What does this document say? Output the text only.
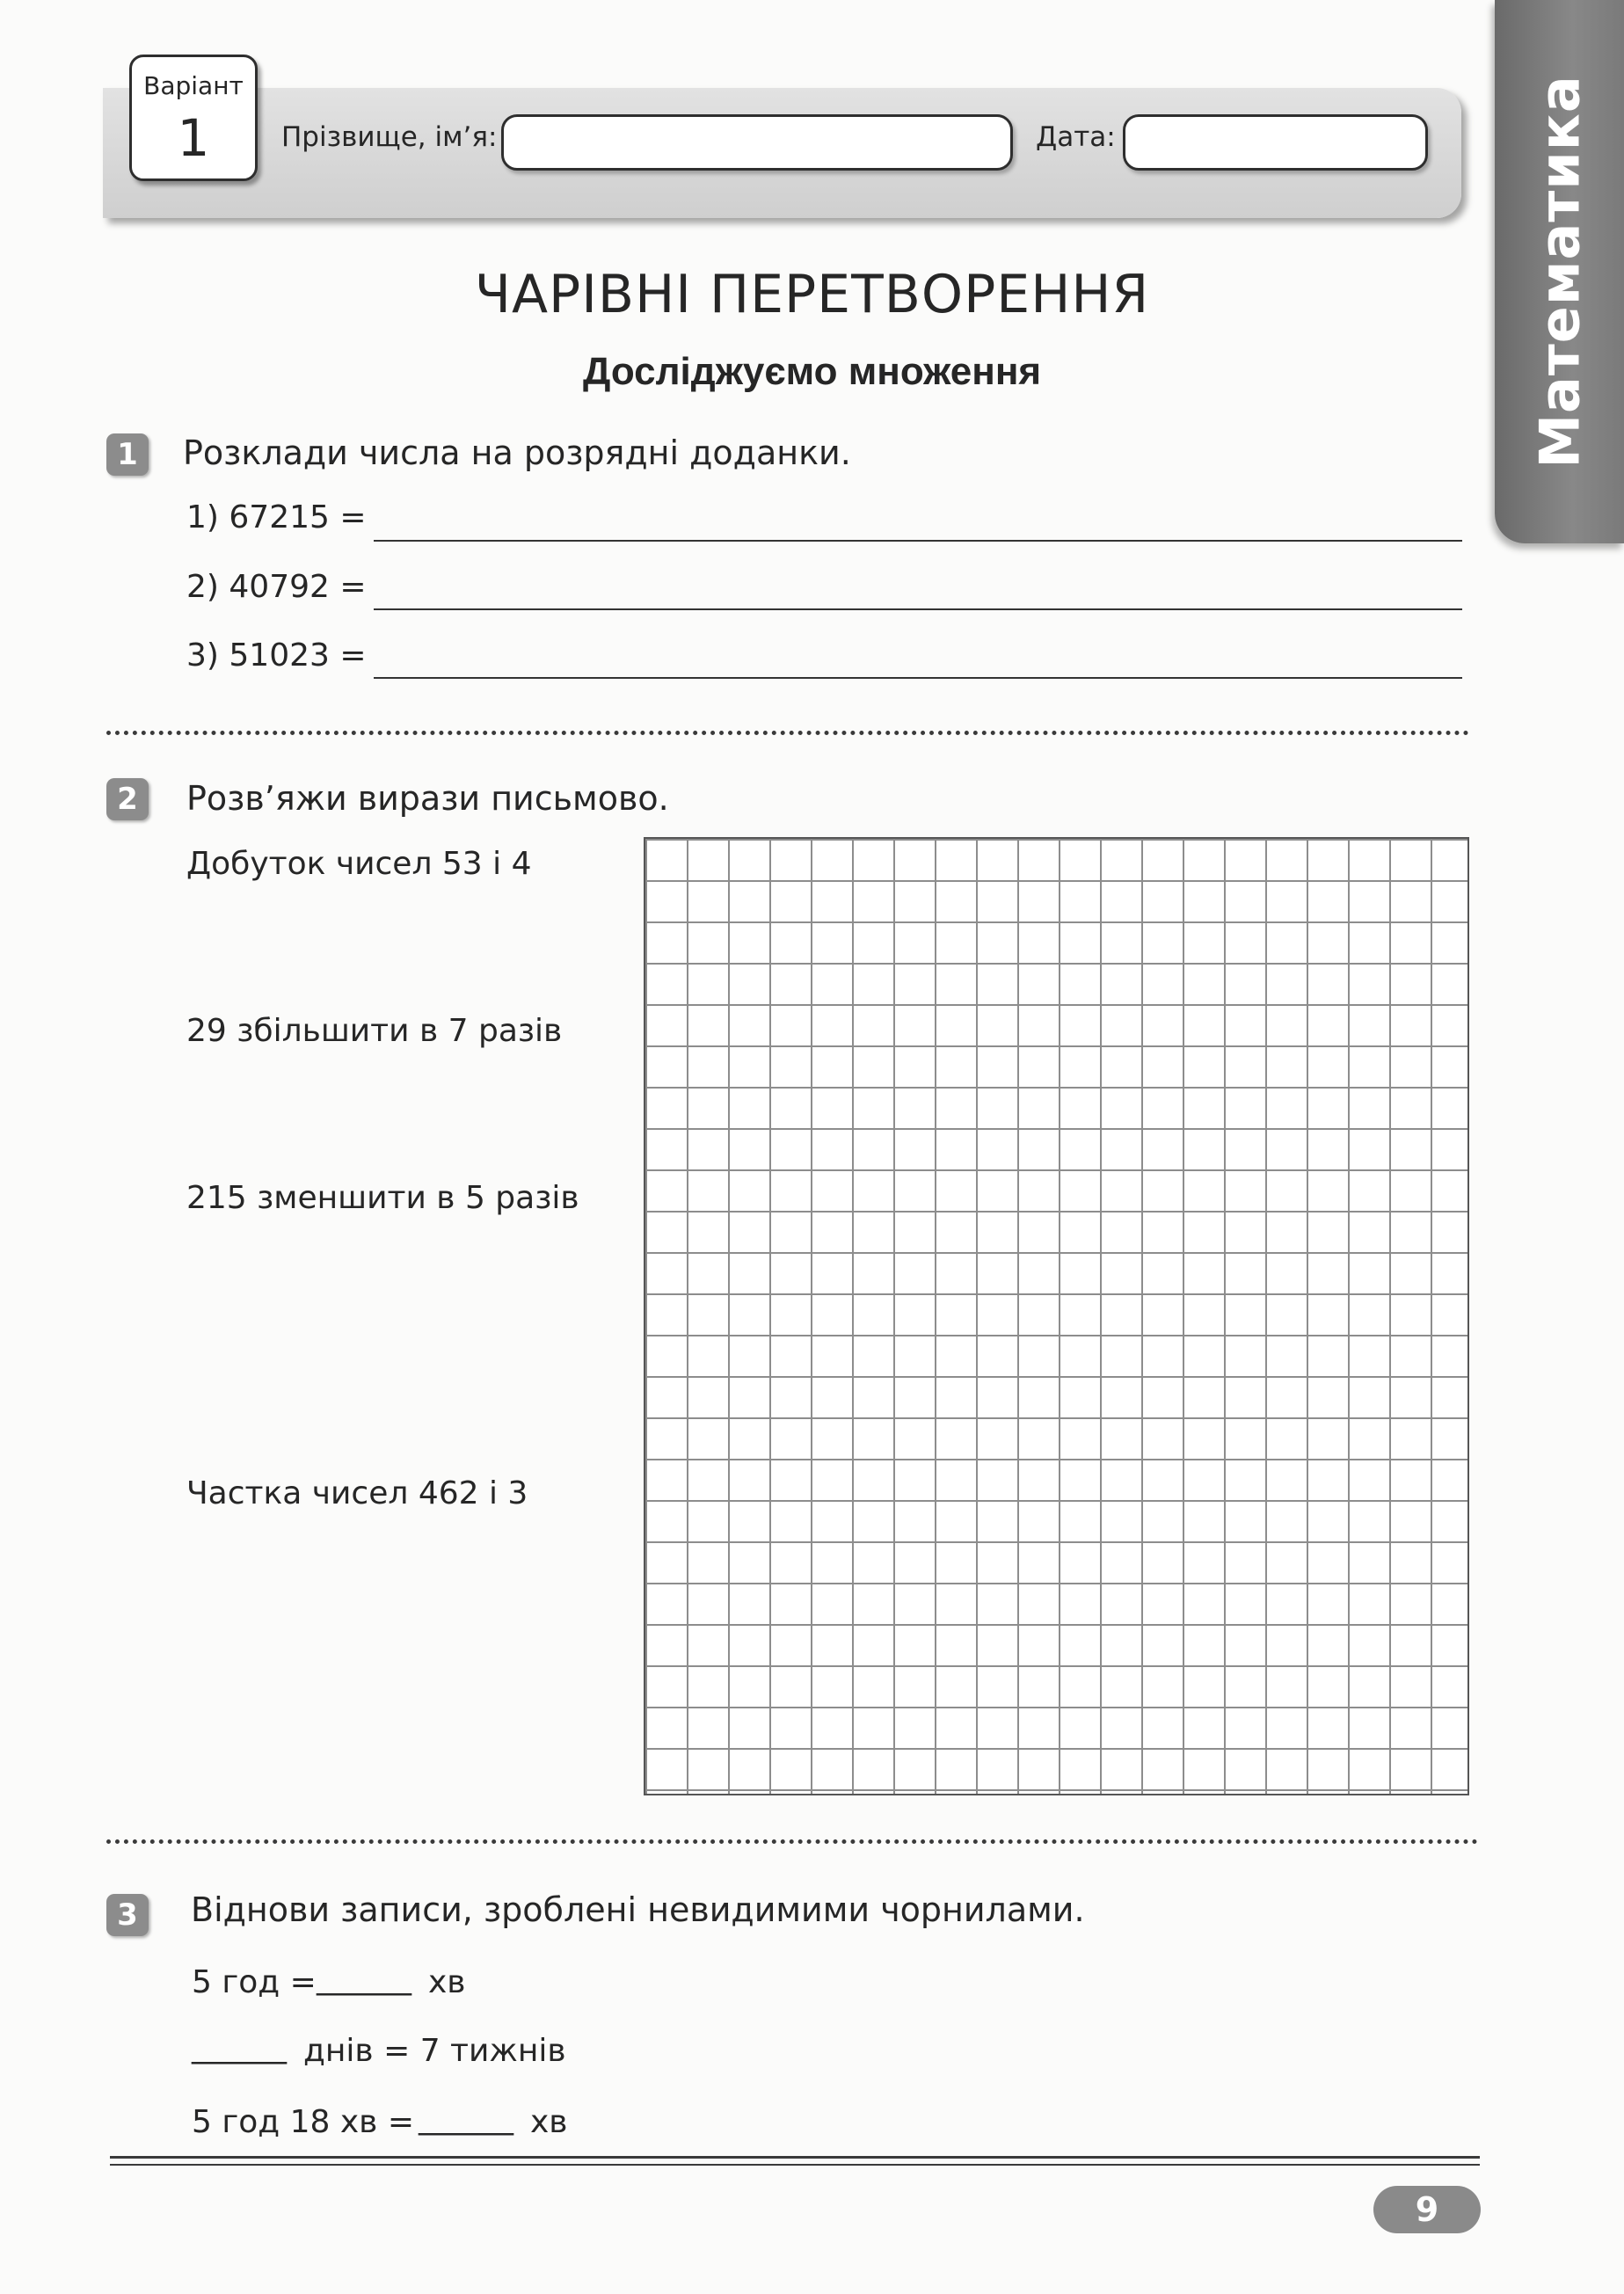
Варіант
1	Прізвище, ім’я:	Дата:	Математика
ЧАРІВНІ ПЕРЕТВОРЕННЯ
Досліджуємо множення
1	Розклади числа на розрядні доданки.
1) 67215 =
2) 40792 =
3) 51023 =
2	Розв’яжи вирази письмово.
Добуток чисел 53 і 4
29 збільшити в 7 разів
215 зменшити в 5 разів
Частка чисел 462 і 3
3	Віднови записи, зроблені невидимими чорнилами.
5 год = ______ хв
______ днів = 7 тижнів
5 год 18 хв = ______ хв
9
